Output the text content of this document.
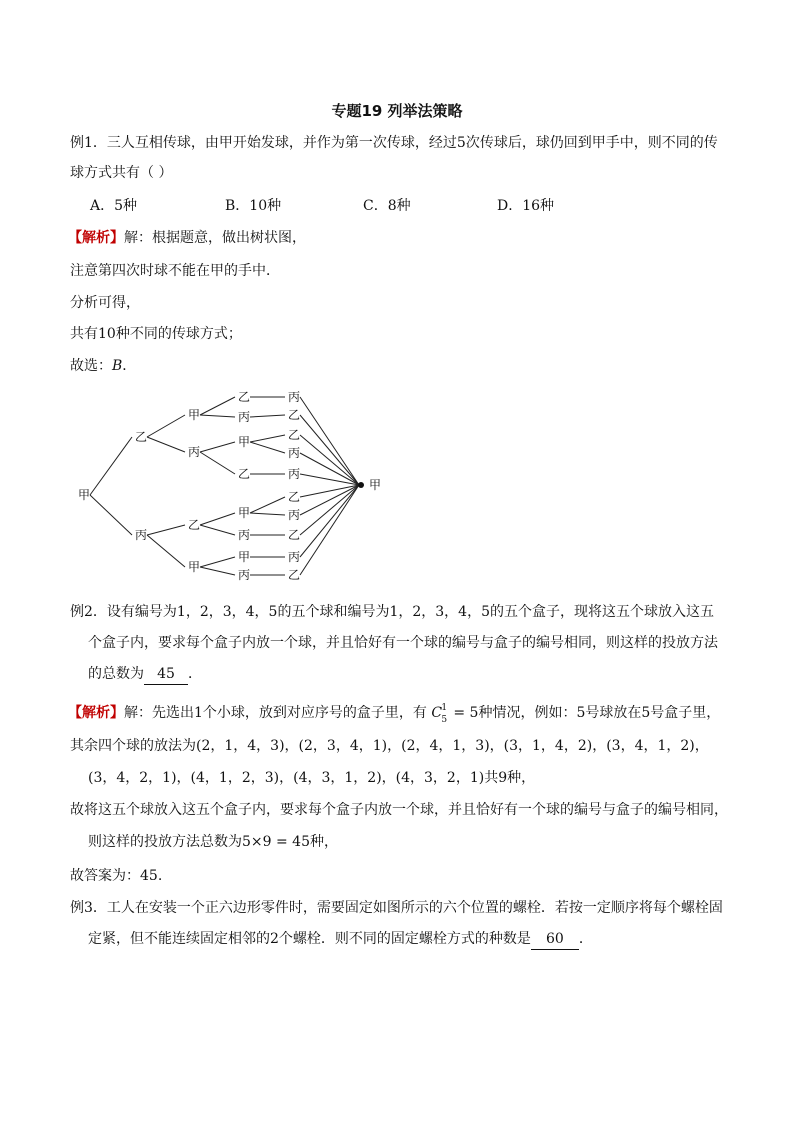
专题19 列举法策略
例1．三人互相传球，由甲开始发球，并作为第一次传球，经过5次传球后，球仍回到甲手中，则不同的传
球方式共有（ ）
A．5种	B．10种	C．8种	D．16种
【解析】解：根据题意，做出树状图，
注意第四次时球不能在甲的手中．
分析可得，
共有10种不同的传球方式；
故选：B．
甲
乙
丙
甲
丙
乙
甲
乙
丙
甲
乙
甲
丙
甲
丙
丙
乙
乙
丙
丙
乙
丙
乙
丙
乙
甲
例2．设有编号为1，2，3，4，5的五个球和编号为1，2，3，4，5的五个盒子，现将这五个球放入这五
个盒子内，要求每个盒子内放一个球，并且恰好有一个球的编号与盒子的编号相同，则这样的投放方法
的总数为 45 ．
【解析】解：先选出1个小球，放到对应序号的盒子里，有 C 1
5 = 5种情况，例如：5号球放在5号盒子里，
其余四个球的放法为(2，1，4，3)，(2，3，4，1)，(2，4，1，3)，(3，1，4，2)，(3，4，1，2)，
(3，4，2，1)，(4，1，2，3)，(4，3，1，2)，(4，3，2，1)共9种，
故将这五个球放入这五个盒子内，要求每个盒子内放一个球，并且恰好有一个球的编号与盒子的编号相同，
则这样的投放方法总数为5×9 = 45种，
故答案为：45.
例3．工人在安装一个正六边形零件时，需要固定如图所示的六个位置的螺栓．若按一定顺序将每个螺栓固
定紧，但不能连续固定相邻的2个螺栓．则不同的固定螺栓方式的种数是 60 ．
